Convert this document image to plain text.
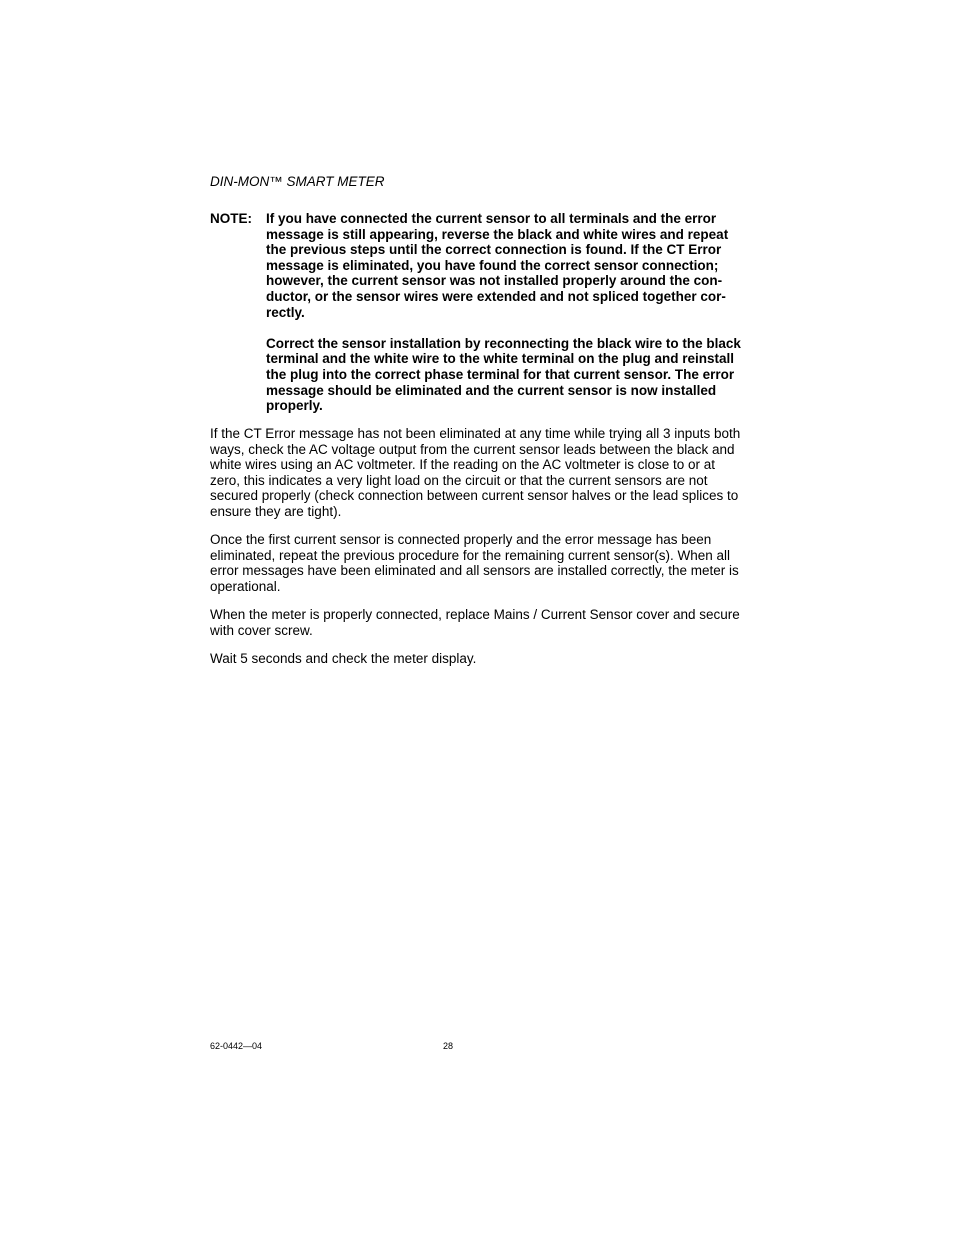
DIN-MON™ SMART METER
NOTE:	If you have connected the current sensor to all terminals and the error message is still appearing, reverse the black and white wires and repeat the previous steps until the correct connection is found. If the CT Error message is eliminated, you have found the correct sensor connection; however, the current sensor was not installed properly around the conductor, or the sensor wires were extended and not spliced together correctly.

Correct the sensor installation by reconnecting the black wire to the black terminal and the white wire to the white terminal on the plug and reinstall the plug into the correct phase terminal for that current sensor. The error message should be eliminated and the current sensor is now installed properly.

If the CT Error message has not been eliminated at any time while trying all 3 inputs both ways, check the AC voltage output from the current sensor leads between the black and white wires using an AC voltmeter. If the reading on the AC voltmeter is close to or at zero, this indicates a very light load on the circuit or that the current sensors are not secured properly (check connection between current sensor halves or the lead splices to ensure they are tight).

Once the first current sensor is connected properly and the error message has been eliminated, repeat the previous procedure for the remaining current sensor(s). When all error messages have been eliminated and all sensors are installed correctly, the meter is operational.

When the meter is properly connected, replace Mains / Current Sensor cover and secure with cover screw.

Wait 5 seconds and check the meter display.

62-0442—04	28
